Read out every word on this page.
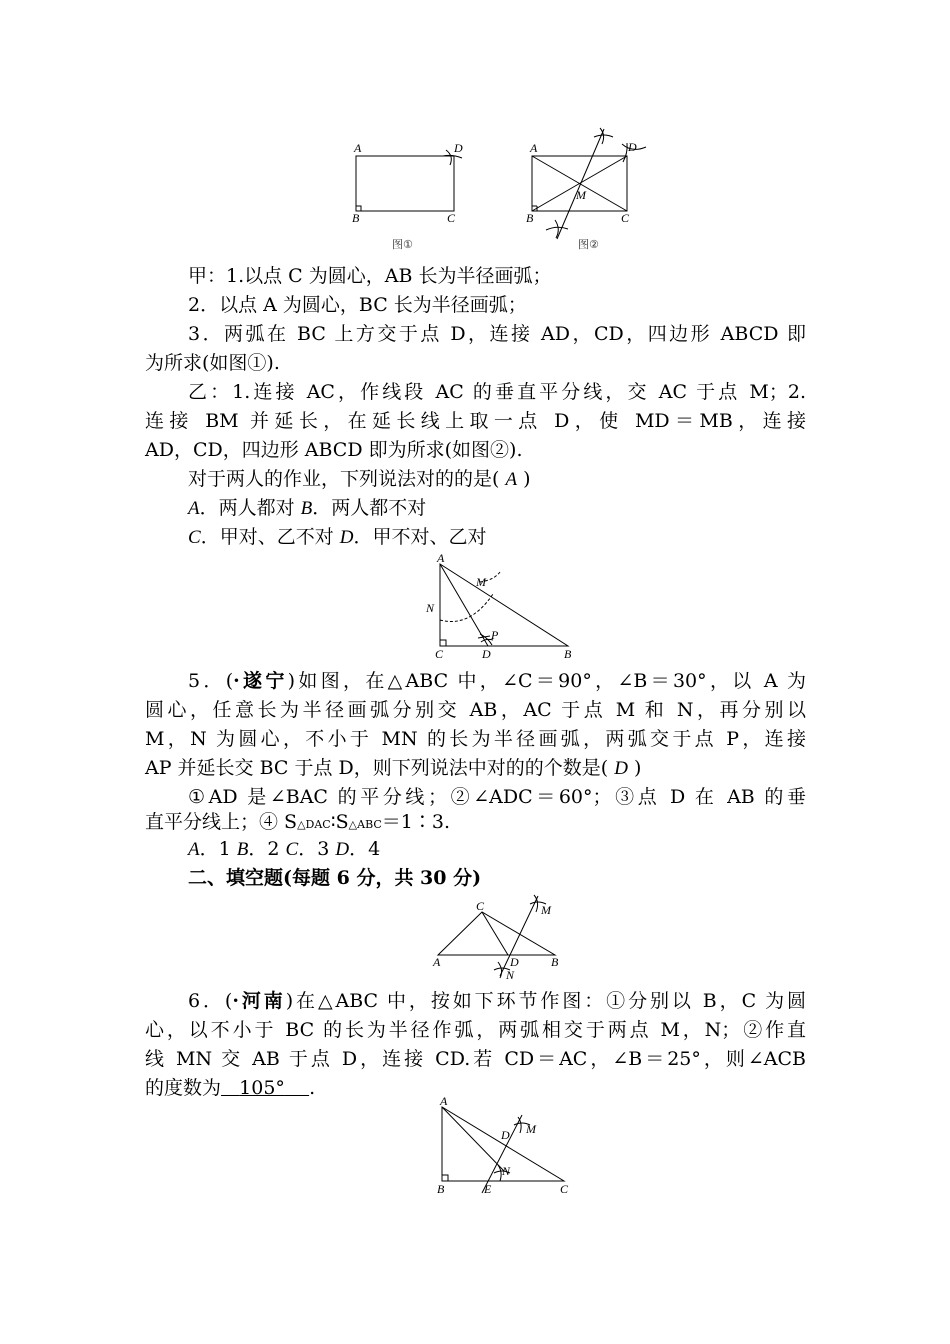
A	D
B	C
图①
A	D
B	C
M
图②
甲：1.以点 C 为圆心，AB 长为半径画弧；
2．以点 A 为圆心，BC 长为半径画弧；
3．两弧在 BC 上方交于点 D，连接 AD，CD，四边形 ABCD 即
为所求(如图①).
乙：1.连接 AC，作线段 AC 的垂直平分线，交 AC 于点 M；2.
连接 BM 并延长，在延长线上取一点 D，使 MD＝MB，连接
AD，CD，四边形 ABCD 即为所求(如图②).
对于两人的作业，下列说法对的的是( A )
A．两人都对 B．两人都不对
C．甲对、乙不对 D．甲不对、乙对
A
M
N
P
C	D	B
5．(·遂宁)如图，在△ABC 中，∠C＝90°，∠B＝30°，以 A 为
圆心，任意长为半径画弧分别交 AB，AC 于点 M 和 N，再分别以
M，N 为圆心，不小于 MN 的长为半径画弧，两弧交于点 P，连接
AP 并延长交 BC 于点 D，则下列说法中对的的个数是( D )
①AD 是∠BAC 的平分线；②∠ADC＝60°；③点 D 在 AB 的垂
直平分线上；④ S△DAC∶S△ABC＝1∶3.
A．1 B．2 C．3 D．4
二、填空题(每题 6 分，共 30 分)
C	M
D
A	B
N
6．(·河南)在△ABC 中，按如下环节作图：①分别以 B，C 为圆
心，以不小于 BC 的长为半径作弧，两弧相交于两点 M，N；②作直
线 MN 交 AB 于点 D，连接 CD.若 CD＝AC，∠B＝25°，则∠ACB
的度数为 105° .
A
M
D
N
B	E	C
